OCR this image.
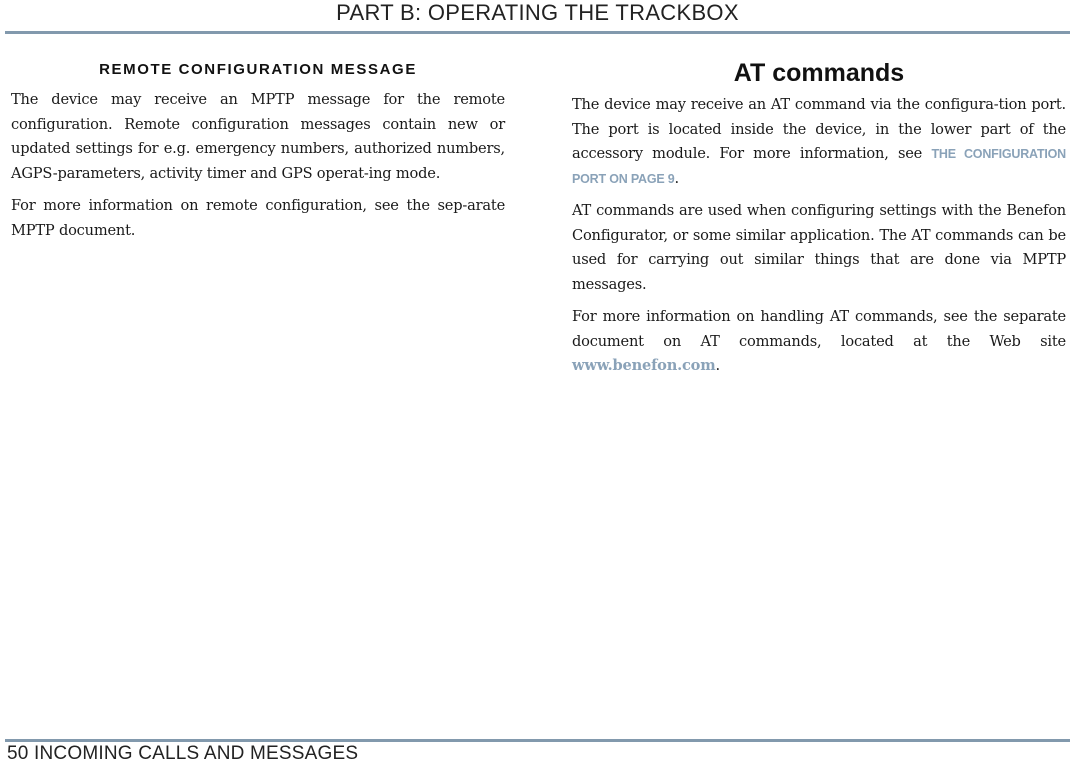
PART B: OPERATING THE TRACKBOX
REMOTE CONFIGURATION MESSAGE

The device may receive an MPTP message for the remote configuration. Remote configuration messages contain new or updated settings for e.g. emergency numbers, authorized numbers, AGPS-parameters, activity timer and GPS operat-ing mode.

For more information on remote configuration, see the sep-arate MPTP document.

AT commands

The device may receive an AT command via the configura-tion port. The port is located inside the device, in the lower part of the accessory module. For more information, see THE CONFIGURATION PORT ON PAGE 9.

AT commands are used when configuring settings with the Benefon Configurator, or some similar application. The AT commands can be used for carrying out similar things that are done via MPTP messages.

For more information on handling AT commands, see the separate document on AT commands, located at the Web site www.benefon.com.

50 INCOMING CALLS AND MESSAGES
